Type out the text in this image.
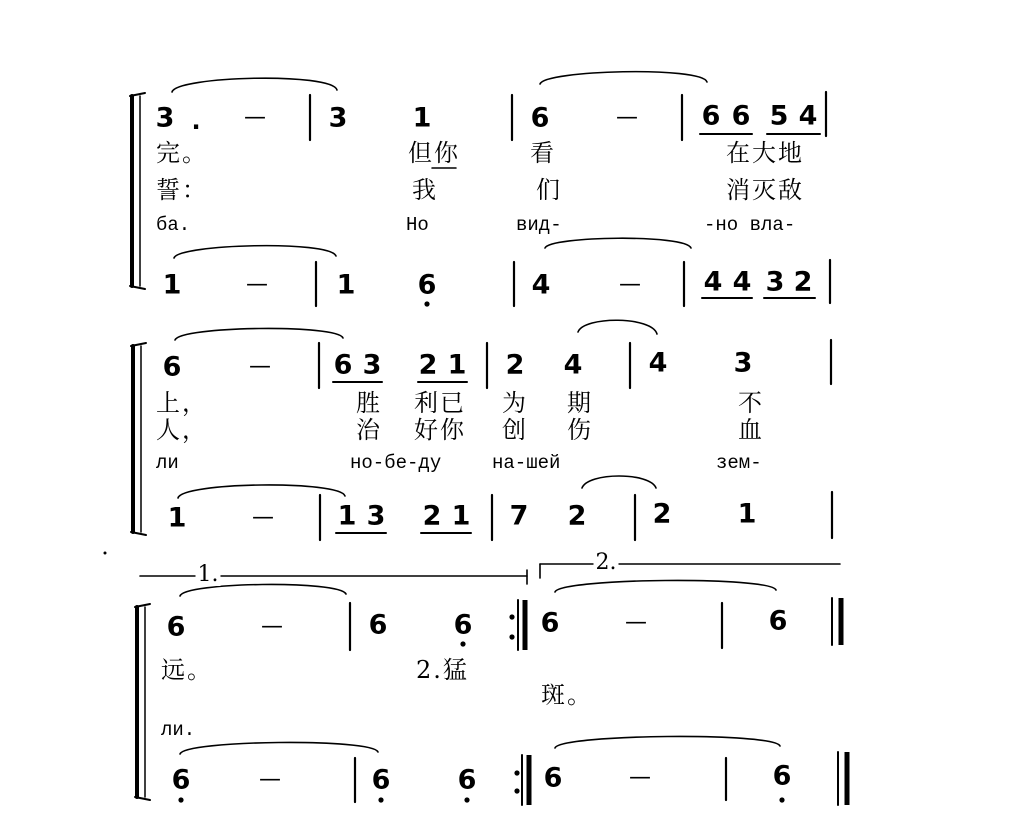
3 . — 3 1	6	— 6 6 5 4
完。	但你	看	在大地
誓：	我	们	消灭敌
ба.	Но	вид-	-но вла-
1	—	1 6	4	— 4 4 3 2
6	— 6 3 2 1 2 4 4 3
上，	胜 利已 为 期	不
人，	治 好你 创 伤	血
ли	но-бе-ду	на-шей	зем-
1	— 1 3 2 1 7 2 2 1
1.	2.
6	—	6 6	6	—	6
远。	2.猛
斑。
ли.
6	—	6 6 6	—	6
